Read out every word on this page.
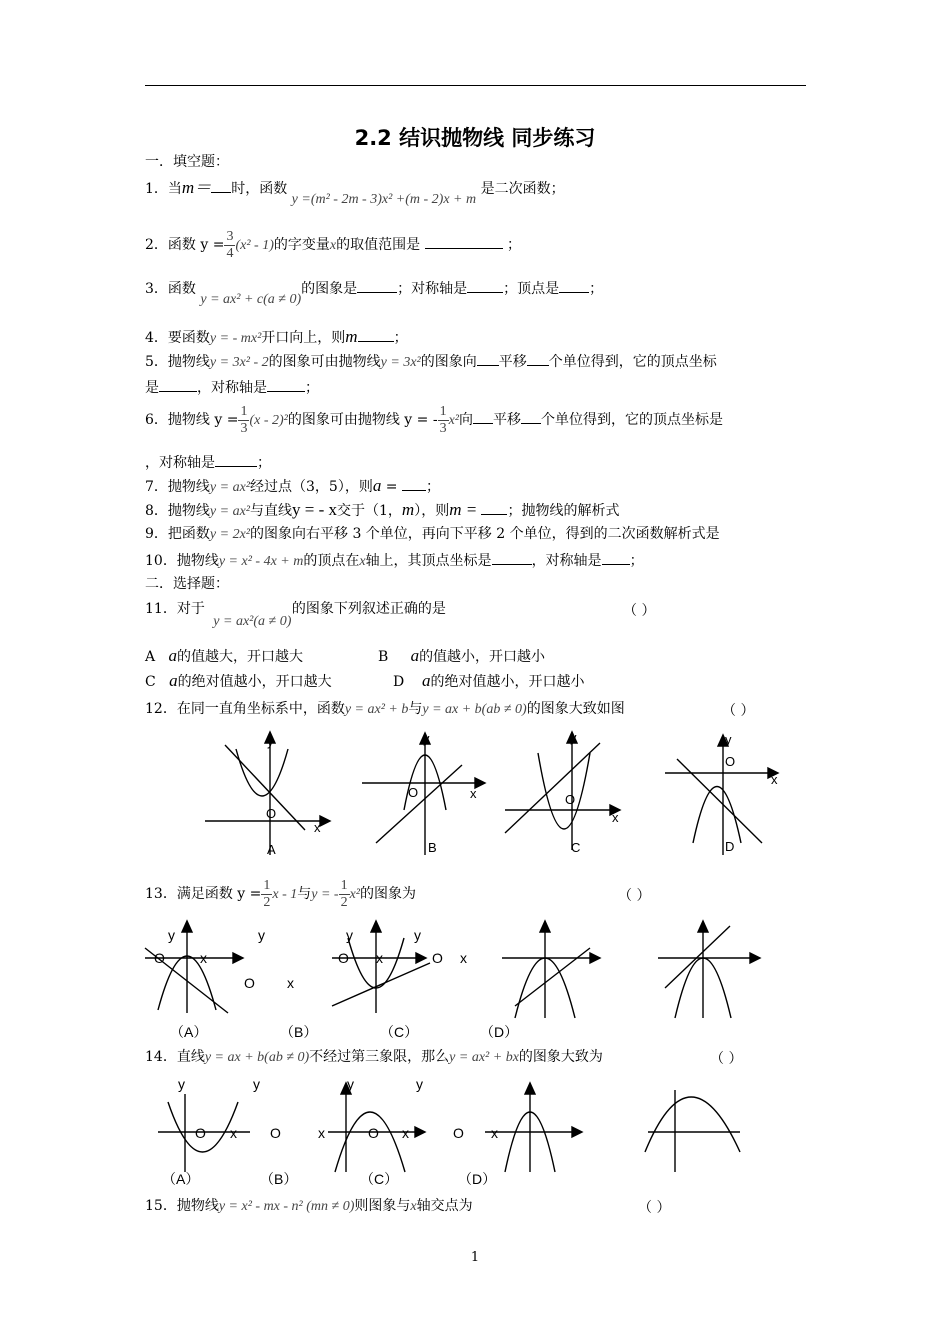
2.2 结识抛物线 同步练习
一．填空题：
1．当m＝ 时，函数 y =(m² - 2m - 3)x² +(m - 2)x + m 是二次函数；
2．函数 $y = \frac{3}{4} (x^2 - 1)$的字变量x的取值范围是	；
3．函数 y = ax² + c(a ≠ 0)的图象是	；对称轴是	；顶点是 ；
4．要函数y = - mx²开口向上，则m	；
5．抛物线y = 3x² - 2的图象可由抛物线y = 3x²的图象向 平移 个单位得到，它的顶点坐标
是	，对称轴是	；
6．抛物线 $y = \frac{1}{3} (x - 2)^2$的图象可由抛物线 y = - $\frac{1}{3} x^2$向 平移 个单位得到，它的顶点坐标是
，对称轴是	；
7．抛物线y = ax²经过点（3，5），则a = ；
8．抛物线y = ax²与直线y = - x交于（1，m），则m = ；抛物线的解析式
9．把函数y = 2x²的图象向右平移 3 个单位，再向下平移 2 个单位，得到的二次函数解析式是
10．抛物线y = x² - 4x + m的顶点在x轴上，其顶点坐标是	，对称轴是 ；
二．选择题：
11．对于 y = ax²(a ≠ 0) 的图象下列叙述正确的是	（ ）
A a的值越大，开口越大	B a的值越小，开口越小
C a的绝对值越小，开口越大	D a的绝对值越小，开口越小
12．在同一直角坐标系中，函数y = ax² + b与y = ax + b(ab ≠ 0)的图象大致如图	（ ）
y
O
x
A
y
O	x
B
y
O
x
C
y
O
x
D
13．满足函数 $y = \frac{1}{2}$ x - 1与y = - $\frac{1}{2} x^2$的图象为	（ ）
y	y
O	x
O x
y
O x
y
O x
（A）	（B）	（C）	（D）
14．直线y = ax + b(ab ≠ 0)不经过第三象限，那么y = ax² + bx的图象大致为	（ ）
y	y
O x O
y	y
x	O x	O x
（A）	（B）	（C）	（D）
15．抛物线y = x² - mx - n² (mn ≠ 0)则图象与x轴交点为	（ ）
1
